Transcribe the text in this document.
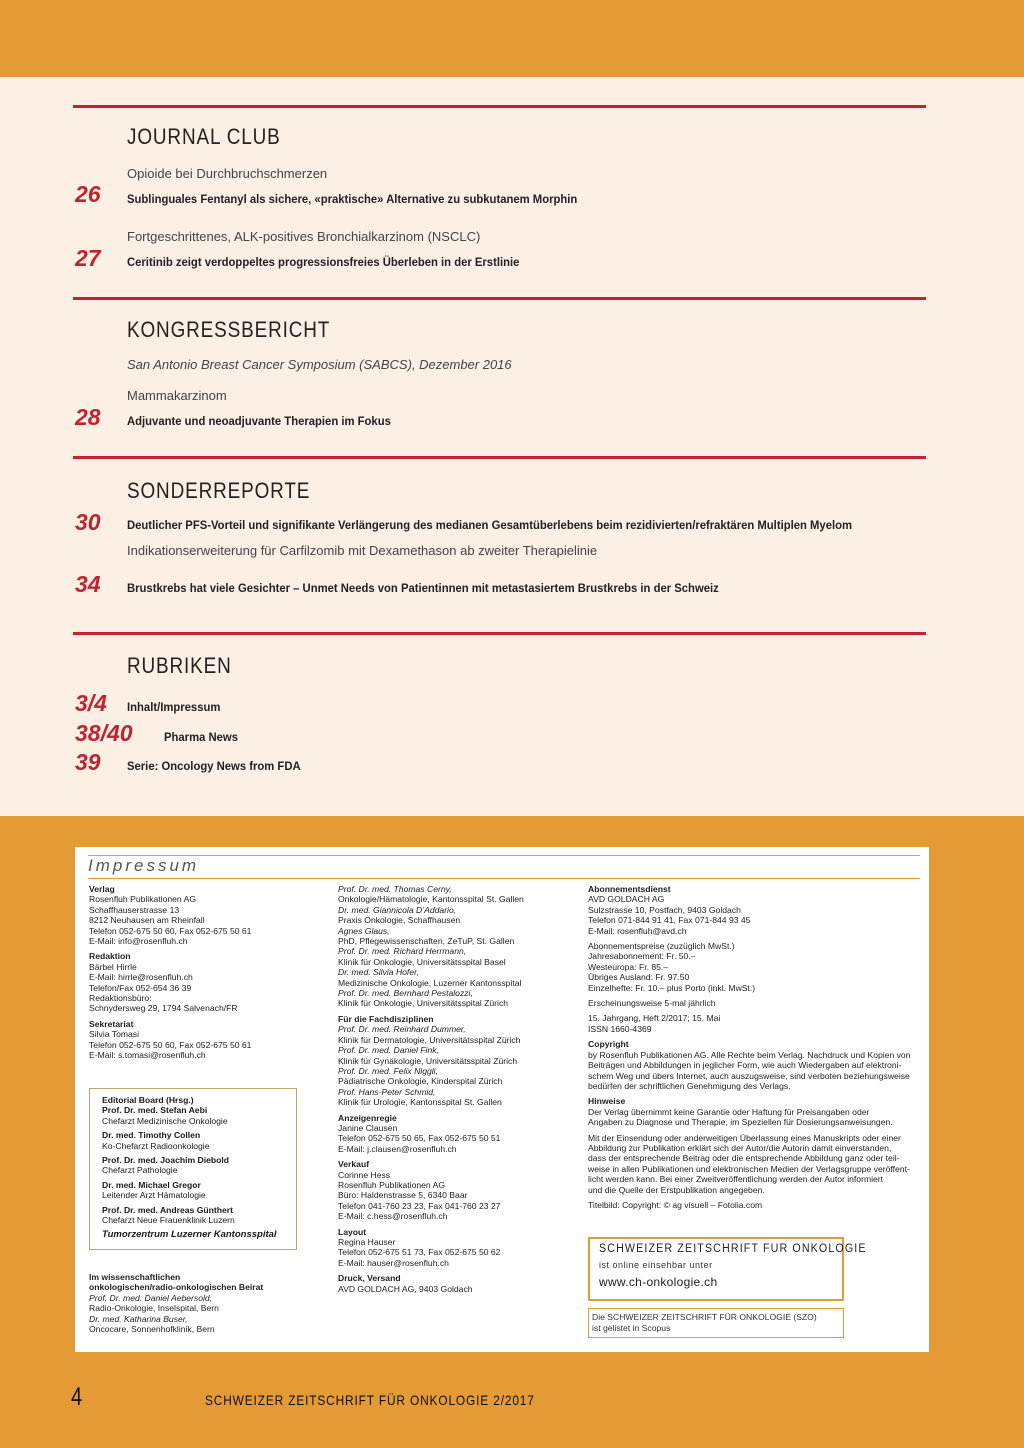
JOURNAL CLUB
Opioide bei Durchbruchschmerzen
26 Sublinguales Fentanyl als sichere, «praktische» Alternative zu subkutanem Morphin
Fortgeschrittenes, ALK-positives Bronchialkarzinom (NSCLC)
27 Ceritinib zeigt verdoppeltes progressionsfreies Überleben in der Erstlinie
KONGRESSBERICHT
San Antonio Breast Cancer Symposium (SABCS), Dezember 2016
Mammakarzinom
28 Adjuvante und neoadjuvante Therapien im Fokus
SONDERREPORTE
30 Deutlicher PFS-Vorteil und signifikante Verlängerung des medianen Gesamtüberlebens beim rezidivierten/refraktären Multiplen Myelom
Indikationserweiterung für Carfilzomib mit Dexamethason ab zweiter Therapielinie
34 Brustkrebs hat viele Gesichter – Unmet Needs von Patientinnen mit metastasiertem Brustkrebs in der Schweiz
RUBRIKEN
3/4 Inhalt/Impressum
38/40	Pharma News
39 Serie: Oncology News from FDA
Impressum

Verlag

Rosenfluh Publikationen AG

Schaffhauserstrasse 13

8212 Neuhausen am Rheinfall

Telefon 052-675 50 60, Fax 052-675 50 61

E-Mail: info@rosenfluh.ch

Redaktion

Bärbel Hirrle

E-Mail: hirrle@rosenfluh.ch

Telefon/Fax 052-654 36 39

Redaktionsbüro:

Schnydersweg 29, 1794 Salvenach/FR

Sekretariat

Silvia Tomasi

Telefon 052-675 50 60, Fax 052-675 50 61

E-Mail: s.tomasi@rosenfluh.ch

Editorial Board (Hrsg.)

Prof. Dr. med. Stefan Aebi

Chefarzt Medizinische Onkologie

Dr. med. Timothy Collen

Ko-Chefarzt Radioonkologie

Prof. Dr. med. Joachim Diebold

Chefarzt Pathologie

Dr. med. Michael Gregor

Leitender Arzt Hämatologie

Prof. Dr. med. Andreas Günthert

Chefarzt Neue Frauenklinik Luzern

Tumorzentrum Luzerner Kantonsspital

Im wissenschaftlichen

onkologischen/radio-onkologischen Beirat

Prof. Dr. med. Daniel Aebersold,

Radio-Onkologie, Inselspital, Bern

Dr. med. Katharina Buser,

Oncocare, Sonnenhofklinik, Bern

Prof. Dr. med. Thomas Cerny,

Onkologie/Hämatologie, Kantonsspital St. Gallen

Dr. med. Giannicola D’Addario,

Praxis Onkologie, Schaffhausen

Agnes Glaus,

PhD, Pflegewissenschaften, ZeTuP, St. Gallen

Prof. Dr. med. Richard Herrmann,

Klinik für Onkologie, Universitätsspital Basel

Dr. med. Silvia Hofer,

Medizinische Onkologie, Luzerner Kantonsspital

Prof. Dr. med. Bernhard Pestalozzi,

Klinik für Onkologie, Universitätsspital Zürich

Für die Fachdisziplinen

Prof. Dr. med. Reinhard Dummer,

Klinik für Dermatologie, Universitätsspital Zürich

Prof. Dr. med. Daniel Fink,

Klinik für Gynäkologie, Universitätsspital Zürich

Prof. Dr. med. Felix Niggli,

Pädiatrische Onkologie, Kinderspital Zürich

Prof. Hans-Peter Schmid,

Klinik für Urologie, Kantonsspital St. Gallen

Anzeigenregie

Janine Clausen

Telefon 052-675 50 65, Fax 052-675 50 51

E-Mail: j.clausen@rosenfluh.ch

Verkauf

Corinne Hess

Rosenfluh Publikationen AG

Büro: Haldenstrasse 5, 6340 Baar

Telefon 041-760 23 23, Fax 041-760 23 27

E-Mail: c.hess@rosenfluh.ch

Layout

Regina Hauser

Telefon 052-675 51 73, Fax 052-675 50 62

E-Mail: hauser@rosenfluh.ch

Druck, Versand

AVD GOLDACH AG, 9403 Goldach

Abonnementsdienst

AVD GOLDACH AG

Sulzstrasse 10, Postfach, 9403 Goldach

Telefon 071-844 91 41, Fax 071-844 93 45

E-Mail: rosenfluh@avd.ch

Abonnementspreise (zuzüglich MwSt.)

Jahresabonnement: Fr. 50.–

Westeuropa: Fr. 85.–

Übriges Ausland: Fr. 97.50

Einzelhefte: Fr. 10.– plus Porto (inkl. MwSt.)

Erscheinungsweise 5-mal jährlich

15. Jahrgang, Heft 2/2017; 15. Mai

ISSN 1660-4369

Copyright

by Rosenfluh Publikationen AG. Alle Rechte beim Verlag. Nachdruck und Kopien von

Beiträgen und Abbildungen in jeglicher Form, wie auch Wiedergaben auf elektroni-

schem Weg und übers Internet, auch auszugsweise, sind verboten beziehungsweise

bedürfen der schriftlichen Genehmigung des Verlags.

Hinweise

Der Verlag übernimmt keine Garantie oder Haftung für Preisangaben oder

Angaben zu Diagnose und Therapie, im Speziellen für Dosierungsanweisungen.

Mit der Einsendung oder anderweitigen Überlassung eines Manuskripts oder einer

Abbildung zur Publikation erklärt sich der Autor/die Autorin damit einverstanden,

dass der entsprechende Beitrag oder die entsprechende Abbildung ganz oder teil-

weise in allen Publikationen und elektronischen Medien der Verlagsgruppe veröffent-

licht werden kann. Bei einer Zweitveröffentlichung werden der Autor informiert

und die Quelle der Erstpublikation angegeben.

Titelbild: Copyright: © ag visuell – Fotolia.com

SCHWEIZER ZEITSCHRIFT FÜR ONKOLOGIE
ist online einsehbar unter
www.ch-onkologie.ch
Die SCHWEIZER ZEITSCHRIFT FÜR ONKOLOGIE (SZO)
ist gelistet in Scopus
4	SCHWEIZER ZEITSCHRIFT FÜR ONKOLOGIE 2/2017
